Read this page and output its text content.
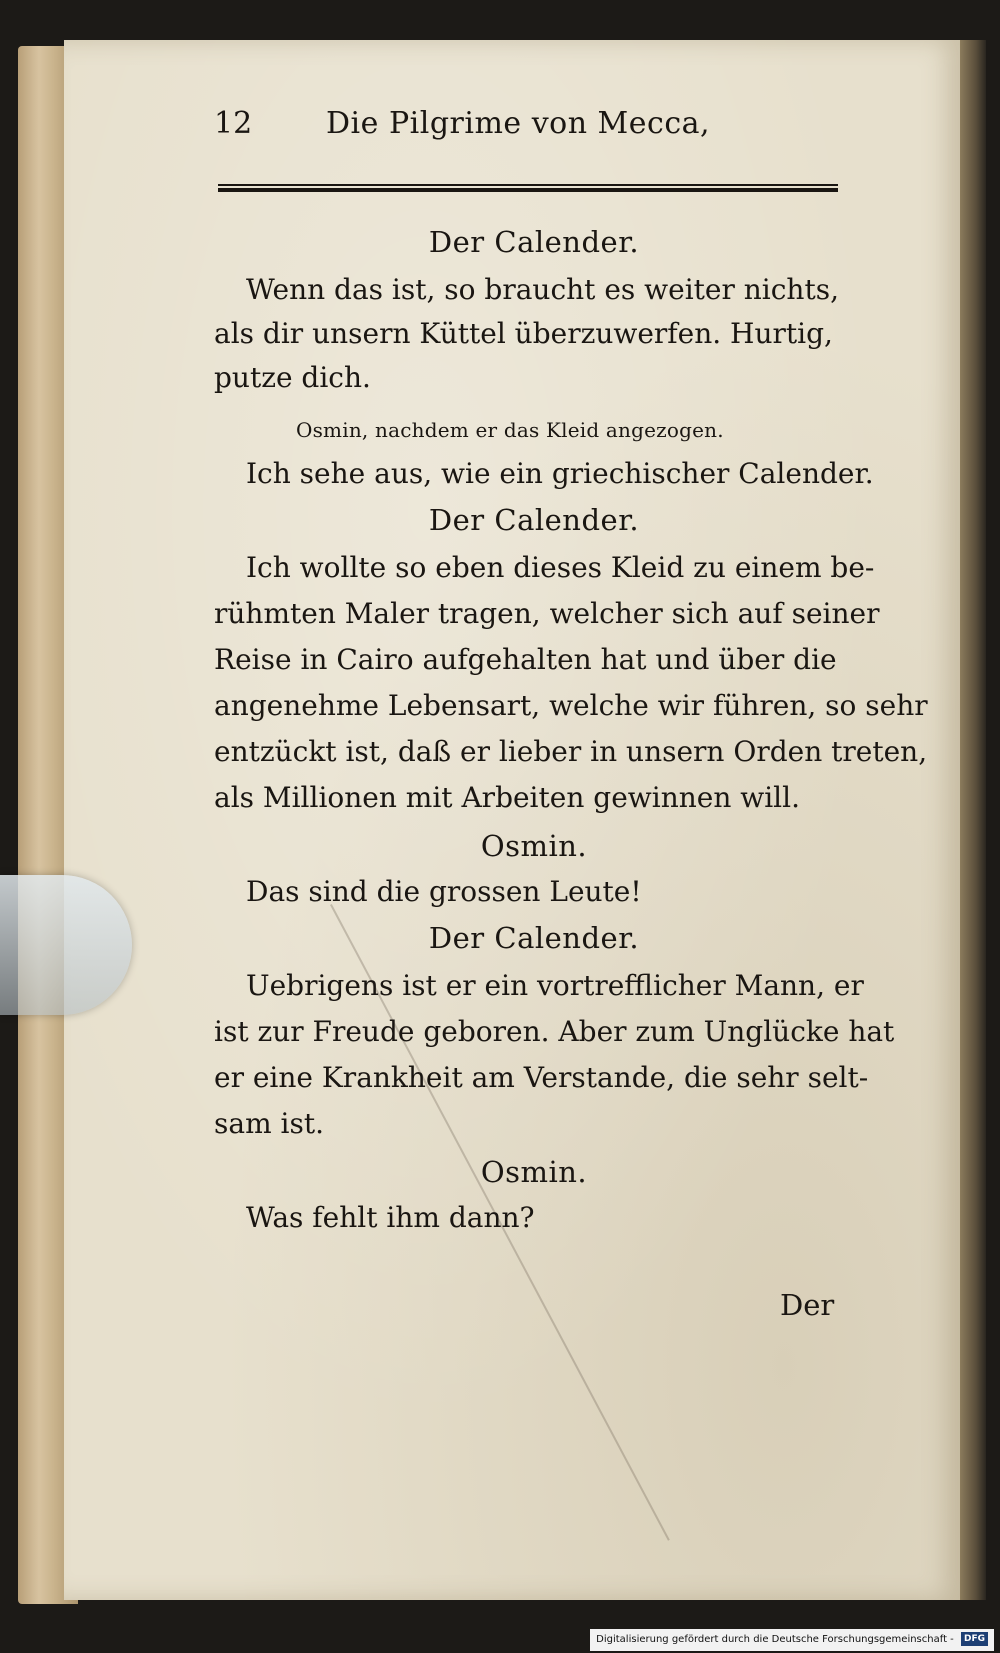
12 Die Pilgrime von Mecca,
Der Calender.
Wenn das ist, so braucht es weiter nichts,
als dir unsern Küttel überzuwerfen. Hurtig,
putze dich.
Osmin, nachdem er das Kleid angezogen.
Ich sehe aus, wie ein griechischer Calender.
Der Calender.
Ich wollte so eben dieses Kleid zu einem be-
rühmten Maler tragen, welcher sich auf seiner
Reise in Cairo aufgehalten hat und über die
angenehme Lebensart, welche wir führen, so sehr
entzückt ist, daß er lieber in unsern Orden treten,
als Millionen mit Arbeiten gewinnen will.
Osmin.
Das sind die grossen Leute!
Der Calender.
Uebrigens ist er ein vortrefflicher Mann, er
ist zur Freude geboren. Aber zum Unglücke hat
er eine Krankheit am Verstande, die sehr selt-
sam ist.
Osmin.
Was fehlt ihm dann?
Der
Digitalisierung gefördert durch die Deutsche Forschungsgemeinschaft - DFG
